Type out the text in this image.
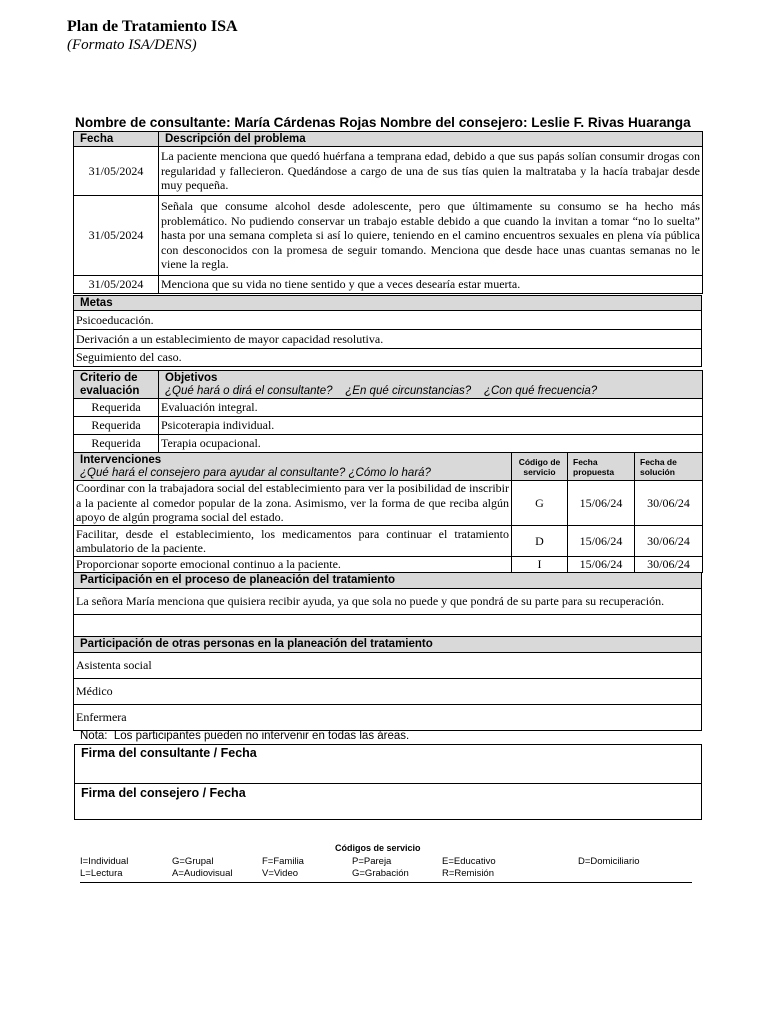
Plan de Tratamiento ISA
(Formato ISA/DENS)
Nombre de consultante: María Cárdenas Rojas Nombre del consejero: Leslie F. Rivas Huaranga
Fecha	Descripción del problema
31/05/2024	La paciente menciona que quedó huérfana a temprana edad, debido a que sus papás solían consumir drogas con regularidad y fallecieron. Quedándose a cargo de una de sus tías quien la maltrataba y la hacía trabajar desde muy pequeña.
31/05/2024	Señala que consume alcohol desde adolescente, pero que últimamente su consumo se ha hecho más problemático. No pudiendo conservar un trabajo estable debido a que cuando la invitan a tomar “no lo suelta” hasta por una semana completa si así lo quiere, teniendo en el camino encuentros sexuales en plena vía pública con desconocidos con la promesa de seguir tomando. Menciona que desde hace unas cuantas semanas no le viene la regla.
31/05/2024	Menciona que su vida no tiene sentido y que a veces desearía estar muerta.
Metas
Psicoeducación.
Derivación a un establecimiento de mayor capacidad resolutiva.
Seguimiento del caso.
Criterio de evaluación	Objetivos
¿Qué hará o dirá el consultante?    ¿En qué circunstancias?    ¿Con qué frecuencia?

Requerida	Evaluación integral.
Requerida	Psicoterapia individual.
Requerida	Terapia ocupacional.
Intervenciones
¿Qué hará el consejero para ayudar al consultante? ¿Cómo lo hará?	Código de servicio	Fecha propuesta	Fecha de solución
Coordinar con la trabajadora social del establecimiento para ver la posibilidad de inscribir a la paciente al comedor popular de la zona. Asimismo, ver la forma de que reciba algún apoyo de algún programa social del estado.	G	15/06/24	30/06/24
Facilitar, desde el establecimiento, los medicamentos para continuar el tratamiento ambulatorio de la paciente.	D	15/06/24	30/06/24
Proporcionar soporte emocional continuo a la paciente.	I	15/06/24	30/06/24
Participación en el proceso de planeación del tratamiento
La señora María menciona que quisiera recibir ayuda, ya que sola no puede y que pondrá de su parte para su recuperación.

Participación de otras personas en la planeación del tratamiento
Asistenta social
Médico
Enfermera
Nota:  Los participantes pueden no intervenir en todas las áreas.
Firma del consultante / Fecha
Firma del consejero / Fecha
Códigos de servicio
I=Individual	G=Grupal	F=Familia	P=Pareja	E=Educativo	D=Domiciliario
L=Lectura	A=Audiovisual	V=Video	G=Grabación	R=Remisión
